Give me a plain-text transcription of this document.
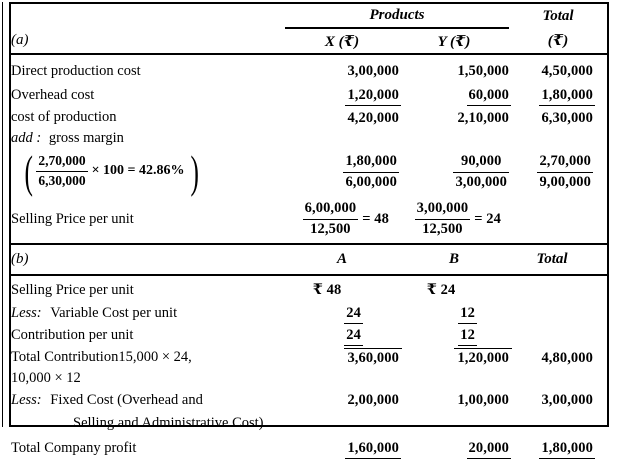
	Products		Total
(a)	X (₹)	Y (₹)	(₹)
Direct production cost	3,00,000	1,50,000	4,50,000
Overhead cost	1,20,000	60,000	1,80,000
cost of production	4,20,000	2,10,000	6,30,000
add : gross margin			

( $\frac{2,70,000}{6,30,000} \times 100 = 42.86\%$ )	$\frac{1,80,000}{6,00,000}$	$\frac{90,000}{3,00,000}$	$\frac{2,70,000}{9,00,000}$

Selling Price per unit	$\frac{6,00,000}{12,500} = 48$	$\frac{3,00,000}{12,500} = 24$	

(b)	A	B	Total
Selling Price per unit	₹ 48	₹ 24	
Less: Variable Cost per unit	24	12	
Contribution per unit	24	12	
Total Contribution15,000 × 24,	3,60,000	1,20,000	4,80,000
10,000 × 12			
Less: Fixed Cost (Overhead and	2,00,000	1,00,000	3,00,000
Selling and Administrative Cost)			
Total Company profit	1,60,000	20,000	1,80,000
